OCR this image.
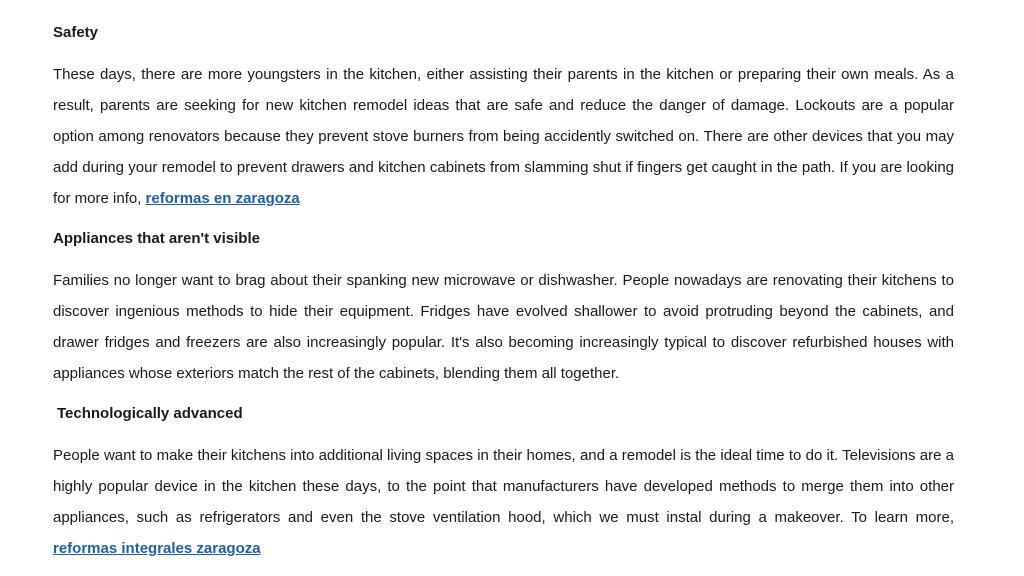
Safety
These days, there are more youngsters in the kitchen, either assisting their parents in the kitchen or preparing their own meals. As a result, parents are seeking for new kitchen remodel ideas that are safe and reduce the danger of damage. Lockouts are a popular option among renovators because they prevent stove burners from being accidently switched on. There are other devices that you may add during your remodel to prevent drawers and kitchen cabinets from slamming shut if fingers get caught in the path. If you are looking for more info, reformas en zaragoza
Appliances that aren't visible
Families no longer want to brag about their spanking new microwave or dishwasher. People nowadays are renovating their kitchens to discover ingenious methods to hide their equipment. Fridges have evolved shallower to avoid protruding beyond the cabinets, and drawer fridges and freezers are also increasingly popular. It's also becoming increasingly typical to discover refurbished houses with appliances whose exteriors match the rest of the cabinets, blending them all together.
Technologically advanced
People want to make their kitchens into additional living spaces in their homes, and a remodel is the ideal time to do it. Televisions are a highly popular device in the kitchen these days, to the point that manufacturers have developed methods to merge them into other appliances, such as refrigerators and even the stove ventilation hood, which we must instal during a makeover. To learn more, reformas integrales zaragoza
